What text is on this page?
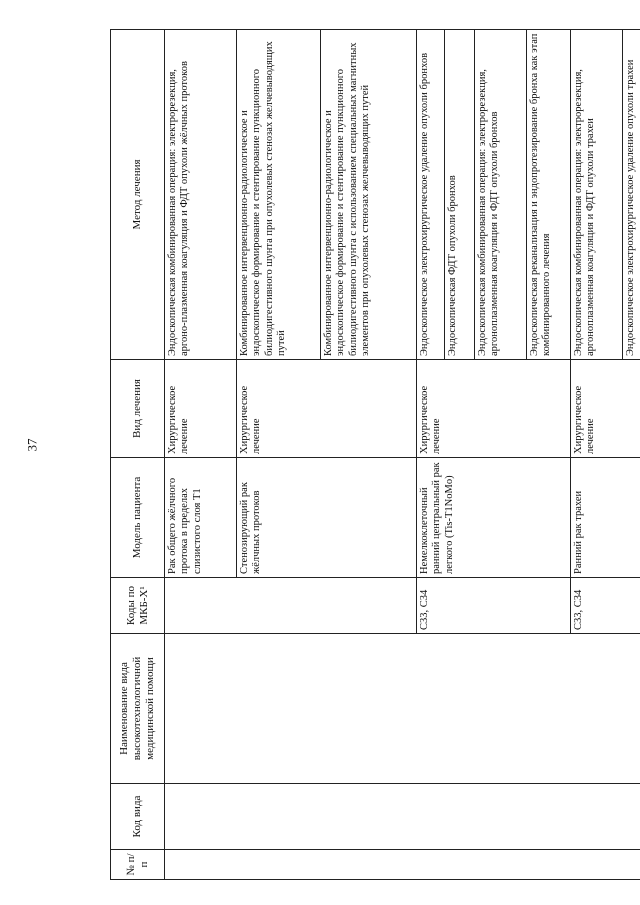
37
№ п/п	Код вида	Наименование вида высокотехнологичной медицинской помощи	Коды по МКБ-Х¹	Модель пациента	Вид лечения	Метод лечения
				Рак общего жёлчного протока в пределах слизистого слоя Т1	Хирургическое лечение	Эндоскопическая комбинированная операция: электрорезекция, аргоно-плазменная коагуляция и ФДТ опухоли жёлчных протоков
				Стенозирующий рак жёлчных протоков	Хирургическое лечение	Комбинированное интервенционно-радиологическое и эндоскопическое формирование и стентирование пункционного билиодигестивного шунта при опухолевых стенозах желчевыводящих путей
						Комбинированное интервенционно-радиологическое и эндоскопическое формирование и стентирование пункционного билиодигестивного шунта с использованием специальных магнитных элементов при опухолевых стенозах желчевыводящих путей
			С33, С34	Немелкоклеточный ранний центральный рак легкого (Tis-T1NoMo)	Хирургическое лечение	Эндоскопическое электрохирургическое удаление опухоли бронхов
						Эндоскопическая ФДТ опухоли бронхов
						Эндоскопическая комбинированная операция: электрорезекция, аргоноплазменная коагуляция и ФДТ опухоли бронхов
						Эндоскопическая реканализация и эндопротезирование бронха как этап комбинированного лечения
			С33, С34	Ранний рак трахеи	Хирургическое лечение	Эндоскопическая комбинированная операция: электрорезекция, аргоноплазменная коагуляция и ФДТ опухоли трахеи
						Эндоскопическое электрохирургическое удаление опухоли трахеи
